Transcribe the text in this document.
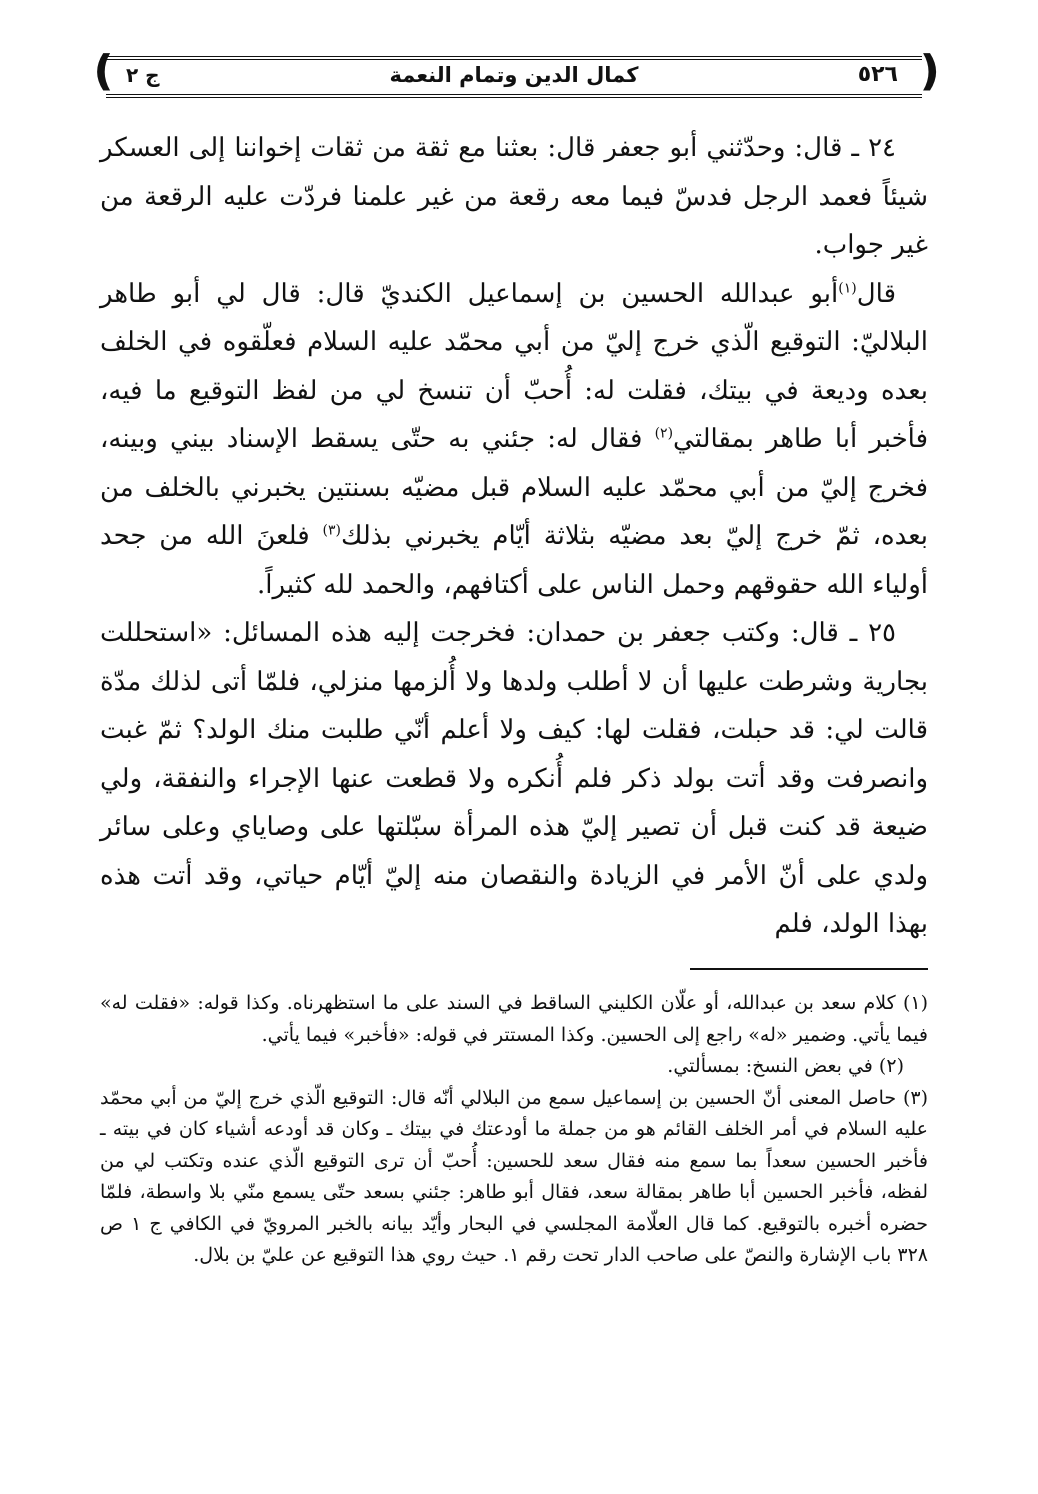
❪	❫
ج ٢	كمال الدين وتمام النعمة	٥٢٦

٢٤ ـ قال: وحدّثني أبو جعفر قال: بعثنا مع ثقة من ثقات إخواننا إلى العسكر شيئاً فعمد الرجل فدسّ فيما معه رقعة من غير علمنا فردّت عليه الرقعة من غير جواب.

قال$^{(١)}$أبو عبدالله الحسين بن إسماعيل الكنديّ قال: قال لي أبو طاهر البلاليّ: التوقيع الّذي خرج إليّ من أبي محمّد عليه السلام فعلّقوه في الخلف بعده وديعة في بيتك، فقلت له: أُحبّ أن تنسخ لي من لفظ التوقيع ما فيه، فأخبر أبا طاهر بمقالتي$^{(٢)}$ فقال له: جئني به حتّى يسقط الإسناد بيني وبينه، فخرج إليّ من أبي محمّد عليه السلام قبل مضيّه بسنتين يخبرني بالخلف من بعده، ثمّ خرج إليّ بعد مضيّه بثلاثة أيّام يخبرني بذلك$^{(٣)}$ فلعنَ الله من جحد أولياء الله حقوقهم وحمل الناس على أكتافهم، والحمد لله كثيراً.

٢٥ ـ قال: وكتب جعفر بن حمدان: فخرجت إليه هذه المسائل: «استحللت بجارية وشرطت عليها أن لا أطلب ولدها ولا أُلزمها منزلي، فلمّا أتى لذلك مدّة قالت لي: قد حبلت، فقلت لها: كيف ولا أعلم أنّي طلبت منك الولد؟ ثمّ غبت وانصرفت وقد أتت بولد ذكر فلم أُنكره ولا قطعت عنها الإجراء والنفقة، ولي ضيعة قد كنت قبل أن تصير إليّ هذه المرأة سبّلتها على وصاياي وعلى سائر ولدي على أنّ الأمر في الزيادة والنقصان منه إليّ أيّام حياتي، وقد أتت هذه بهذا الولد، فلم

(١) كلام سعد بن عبدالله، أو علّان الكليني الساقط في السند على ما استظهرناه. وكذا قوله: «فقلت له» فيما يأتي. وضمير «له» راجع إلى الحسين. وكذا المستتر في قوله: «فأخبر» فيما يأتي.

(٢) في بعض النسخ: بمسألتي.

(٣) حاصل المعنى أنّ الحسين بن إسماعيل سمع من البلالي أنّه قال: التوقيع الّذي خرج إليّ من أبي محمّد عليه السلام في أمر الخلف القائم هو من جملة ما أودعتك في بيتك ـ وكان قد أودعه أشياء كان في بيته ـ فأخبر الحسين سعداً بما سمع منه فقال سعد للحسين: أُحبّ أن ترى التوقيع الّذي عنده وتكتب لي من لفظه، فأخبر الحسين أبا طاهر بمقالة سعد، فقال أبو طاهر: جئني بسعد حتّى يسمع منّي بلا واسطة، فلمّا حضره أخبره بالتوقيع. كما قال العلّامة المجلسي في البحار وأيّد بيانه بالخبر المرويّ في الكافي ج ١ ص ٣٢٨ باب الإشارة والنصّ على صاحب الدار تحت رقم ١. حيث روي هذا التوقيع عن عليّ بن بلال.
